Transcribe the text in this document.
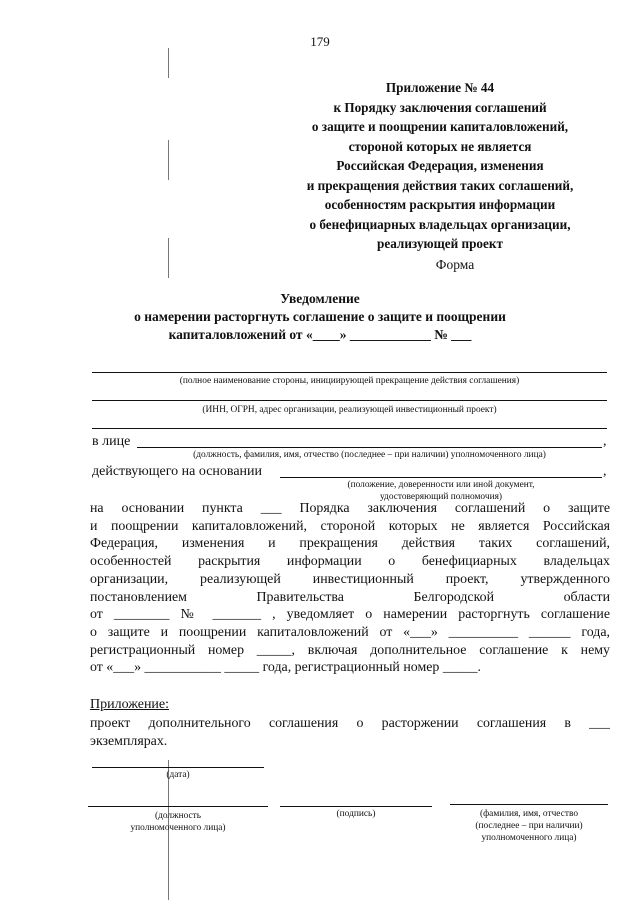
179
Приложение № 44
к Порядку заключения соглашений
о защите и поощрении капиталовложений,
стороной которых не является
Российская Федерация, изменения
и прекращения действия таких соглашений,
особенностям раскрытия информации
о бенефициарных владельцах организации,
реализующей проект
Форма
Уведомление
о намерении расторгнуть соглашение о защите и поощрении
капиталовложений от «____» ____________ № ___
(полное наименование стороны, инициирующей прекращение действия соглашения)
(ИНН, ОГРН, адрес организации, реализующей инвестиционный проект)
в лице	,
(должность, фамилия, имя, отчество (последнее – при наличии) уполномоченного лица)
действующего на основании	,
(положение, доверенности или иной документ,
удостоверяющий полномочия)

на основании пункта ___ Порядка заключения соглашений о защите

и поощрении капиталовложений, стороной которых не является Российская

Федерация, изменения и прекращения действия таких соглашений,

особенностей раскрытия информации о бенефициарных владельцах

организации, реализующей инвестиционный проект, утвержденного

постановлением Правительства Белгородской области

от ________ № _______ , уведомляет о намерении расторгнуть соглашение

о защите и поощрении капиталовложений от «___» __________ ______ года,

регистрационный номер _____, включая дополнительное соглашение к нему

от «___» ___________ _____ года, регистрационный номер _____.

Приложение:
проект дополнительного соглашения о расторжении соглашения в ___
экземплярах.
(дата)
(должность
уполномоченного лица)
(подпись)	(фамилия, имя, отчество
(последнее – при наличии)
уполномоченного лица)
